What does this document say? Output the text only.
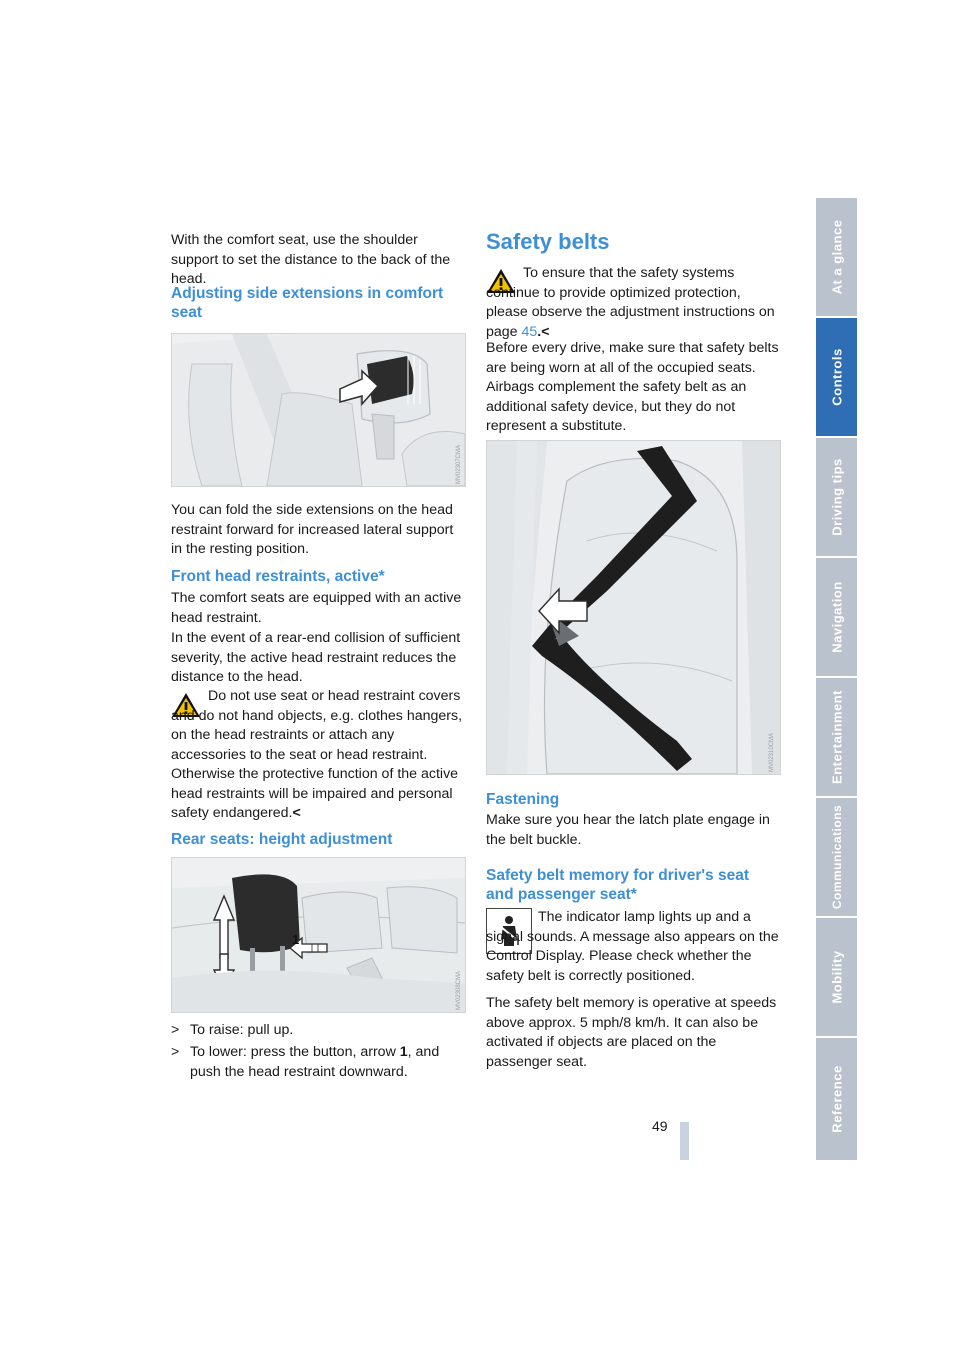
At a glance
Controls
Driving tips
Navigation
Entertainment
Communications
Mobility
Reference

With the comfort seat, use the shoulder support to set the distance to the back of the head.

Adjusting side extensions in comfort seat
MV02307CMA

You can fold the side extensions on the head restraint forward for increased lateral support in the resting position.

Front head restraints, active*

The comfort seats are equipped with an active head restraint.

In the event of a rear-end collision of sufficient severity, the active head restraint reduces the distance to the head.

Do not use seat or head restraint covers and do not hand objects, e.g. clothes hangers, on the head restraints or attach any accessories to the seat or head restraint. Otherwise the protective function of the active head restraints will be impaired and personal safety endangered.<

Rear seats: height adjustment
1
MV02308CMA
> To raise: pull up.

> To lower: press the button, arrow 1, and push the head restraint downward.

Safety belts

To ensure that the safety systems continue to provide optimized protection, please observe the adjustment instructions on page 45.<

Before every drive, make sure that safety belts are being worn at all of the occupied seats. Airbags complement the safety belt as an additional safety device, but they do not represent a substitute.

MV02310CMA
Fastening

Make sure you hear the latch plate engage in the belt buckle.

Safety belt memory for driver's seat and passenger seat*

The indicator lamp lights up and a signal sounds. A message also appears on the Control Display. Please check whether the safety belt is correctly positioned.

The safety belt memory is operative at speeds above approx. 5 mph/8 km/h. It can also be activated if objects are placed on the passenger seat.

49
